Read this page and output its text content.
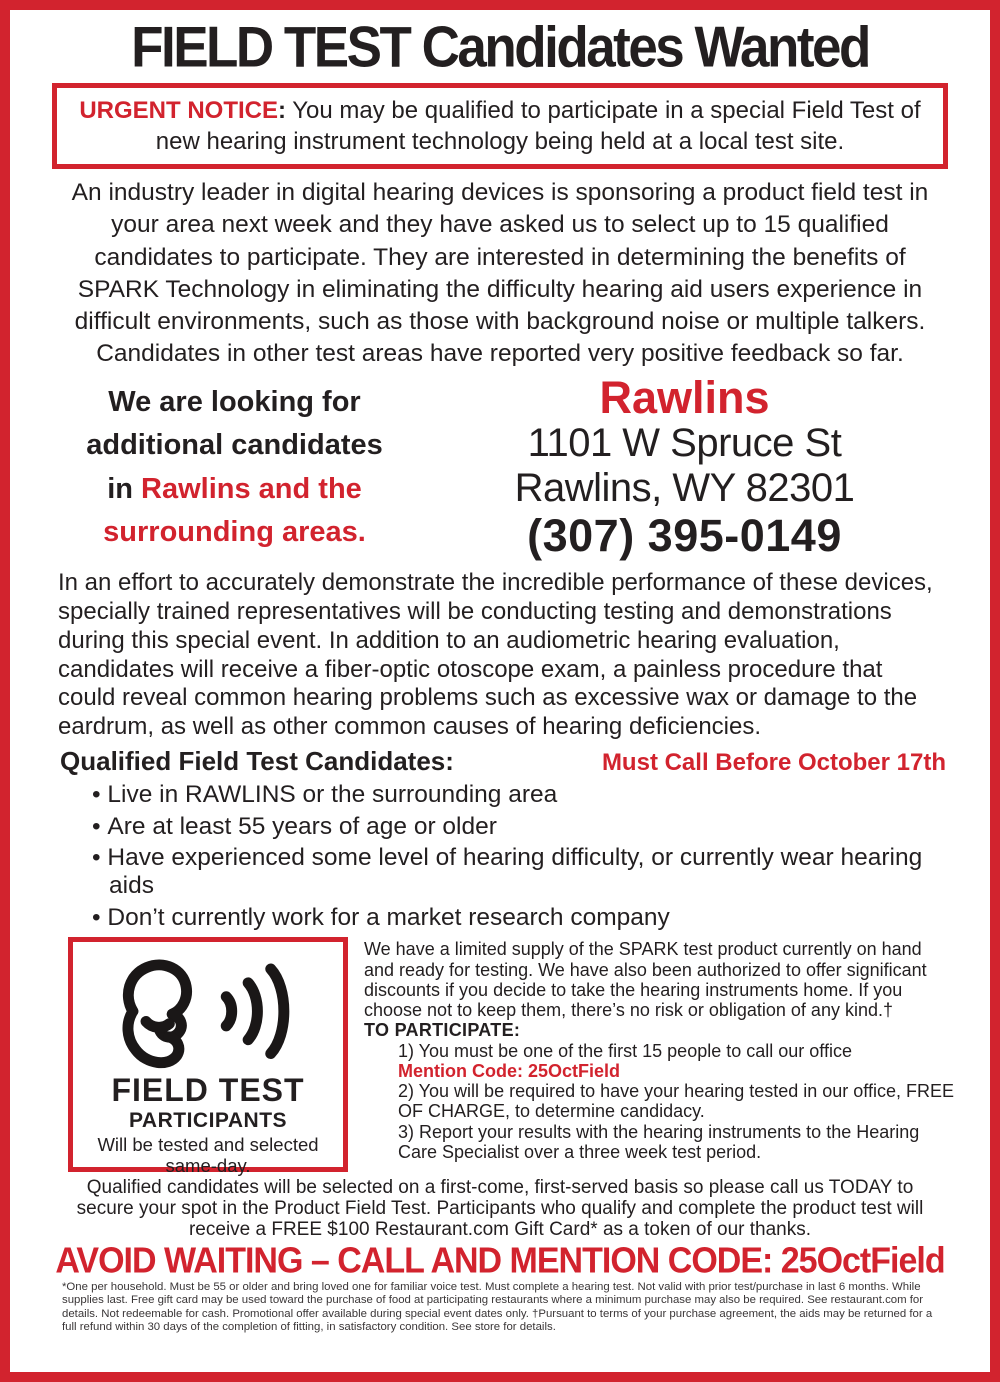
FIELD TEST Candidates Wanted
URGENT NOTICE: You may be qualified to participate in a special Field Test of new hearing instrument technology being held at a local test site.
An industry leader in digital hearing devices is sponsoring a product field test in your area next week and they have asked us to select up to 15 qualified candidates to participate. They are interested in determining the benefits of SPARK Technology in eliminating the difficulty hearing aid users experience in difficult environments, such as those with background noise or multiple talkers. Candidates in other test areas have reported very positive feedback so far.
We are looking for
additional candidates
in Rawlins and the
surrounding areas.
Rawlins
1101 W Spruce St
Rawlins, WY 82301
(307) 395-0149
In an effort to accurately demonstrate the incredible performance of these devices, specially trained representatives will be conducting testing and demonstrations during this special event. In addition to an audiometric hearing evaluation, candidates will receive a fiber-optic otoscope exam, a painless procedure that could reveal common hearing problems such as excessive wax or damage to the eardrum, as well as other common causes of hearing deficiencies.
Qualified Field Test Candidates:	Must Call Before October 17th
• Live in RAWLINS or the surrounding area
• Are at least 55 years of age or older
• Have experienced some level of hearing difficulty, or currently wear hearing aids
• Don’t currently work for a market research company
FIELD TEST
PARTICIPANTS
Will be tested and selected same-day.
We have a limited supply of the SPARK test product currently on hand and ready for testing. We have also been authorized to offer significant discounts if you decide to take the hearing instruments home. If you choose not to keep them, there’s no risk or obligation of any kind.†
TO PARTICIPATE:
1) You must be one of the first 15 people to call our office
Mention Code: 25OctField
2) You will be required to have your hearing tested in our office, FREE OF CHARGE, to determine candidacy.
3) Report your results with the hearing instruments to the Hearing Care Specialist over a three week test period.
Qualified candidates will be selected on a first-come, first-served basis so please call us TODAY to secure your spot in the Product Field Test. Participants who qualify and complete the product test will receive a FREE $100 Restaurant.com Gift Card* as a token of our thanks.
AVOID WAITING – CALL AND MENTION CODE: 25OctField
*One per household. Must be 55 or older and bring loved one for familiar voice test. Must complete a hearing test. Not valid with prior test/purchase in last 6 months. While supplies last. Free gift card may be used toward the purchase of food at participating restaurants where a minimum purchase may also be required. See restaurant.com for details. Not redeemable for cash. Promotional offer available during special event dates only. †Pursuant to terms of your purchase agreement, the aids may be returned for a full refund within 30 days of the completion of fitting, in satisfactory condition. See store for details.
